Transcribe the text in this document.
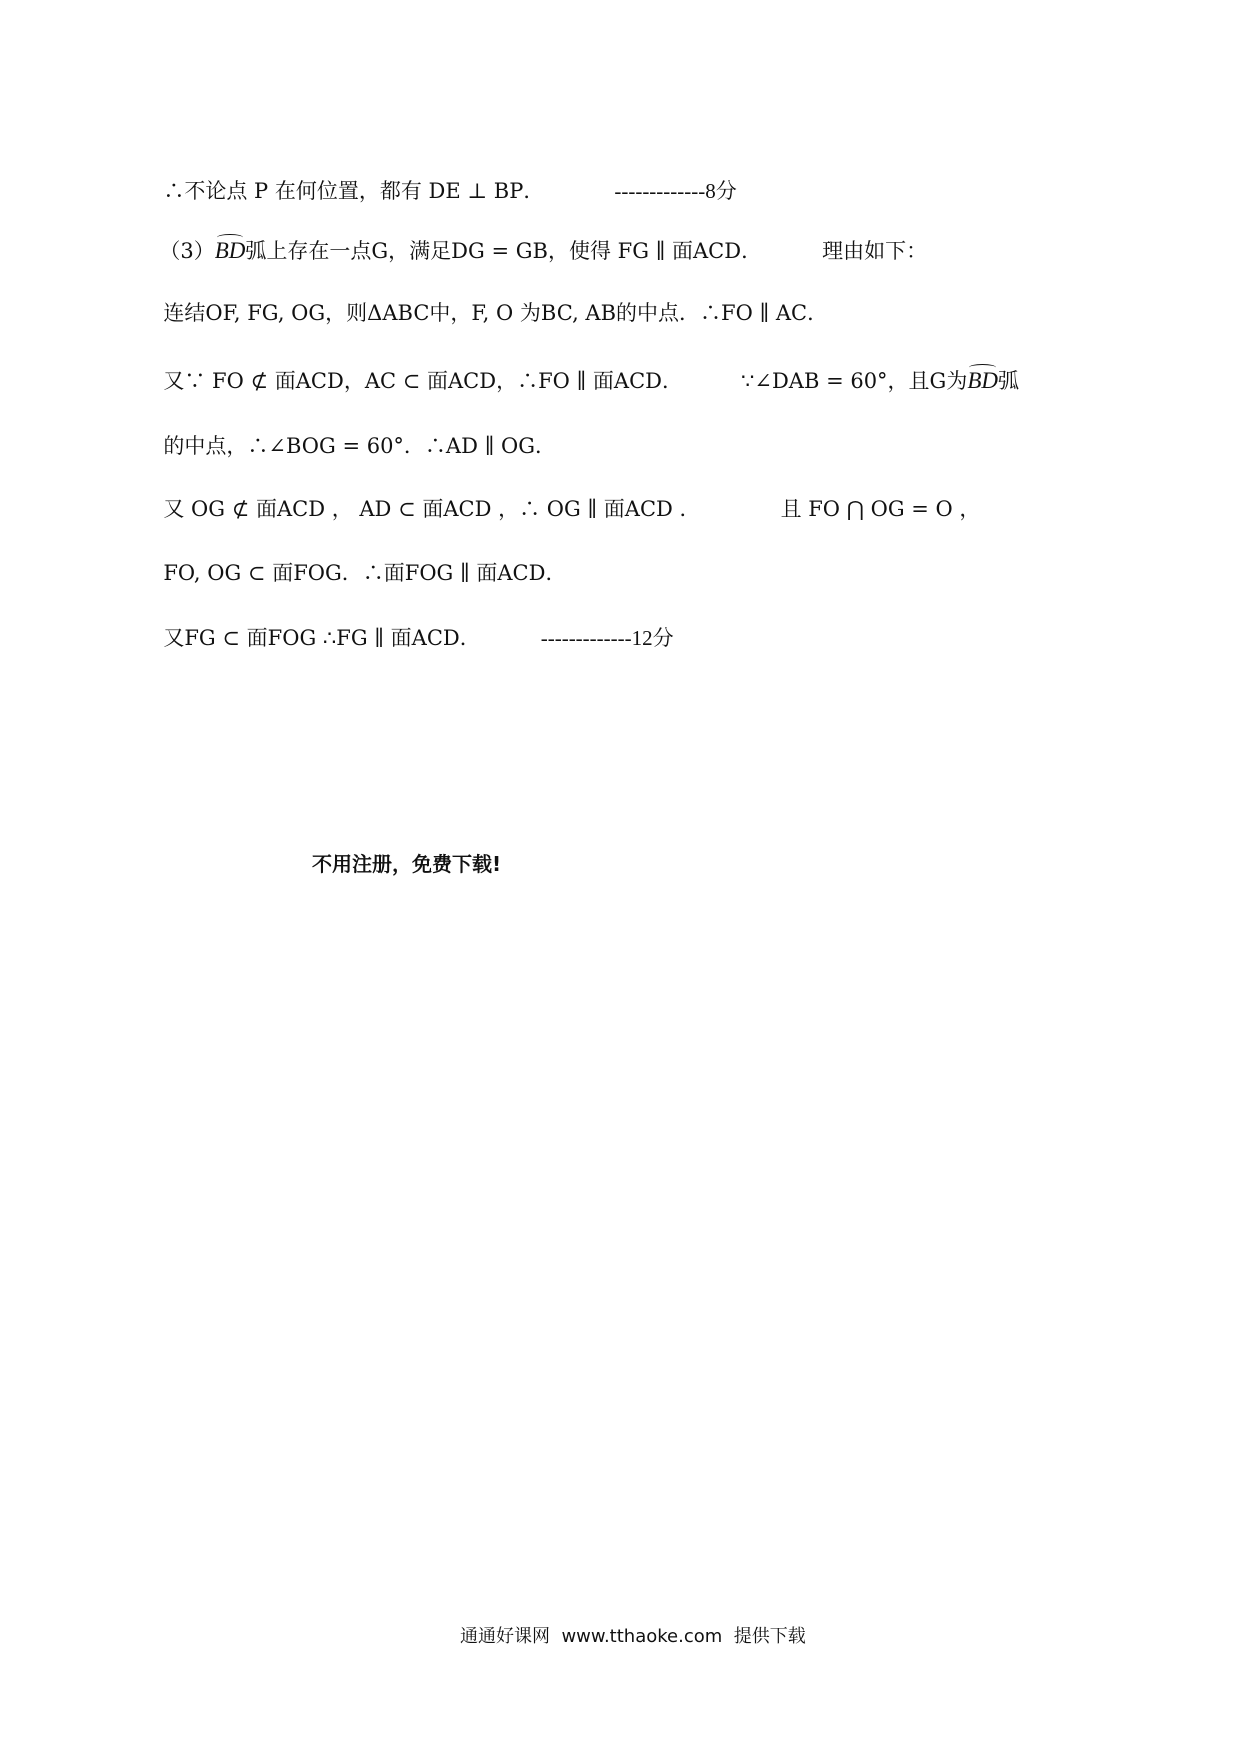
∴不论点 P 在何位置，都有 DE ⊥ BP．	-------------8分

（3）BD弧上存在一点G，满足DG = GB，使得 FG ∥ 面ACD．	理由如下：

连结OF, FG, OG，则ΔABC中，F, O 为BC, AB的中点．∴FO ∥ AC．

又∵ FO ⊄ 面ACD，AC ⊂ 面ACD，∴FO ∥ 面ACD．	∵∠DAB = 60°，且G为BD弧

的中点，∴∠BOG = 60°．∴AD ∥ OG．

又 OG ⊄ 面ACD ， AD ⊂ 面ACD ，∴ OG ∥ 面ACD ．	且 FO ⋂ OG = O ，

FO, OG ⊂ 面FOG．∴面FOG ∥ 面ACD．

又FG ⊂ 面FOG ∴FG ∥ 面ACD．	-------------12分

不用注册，免费下载!
通通好课网  www.tthaoke.com  提供下载
